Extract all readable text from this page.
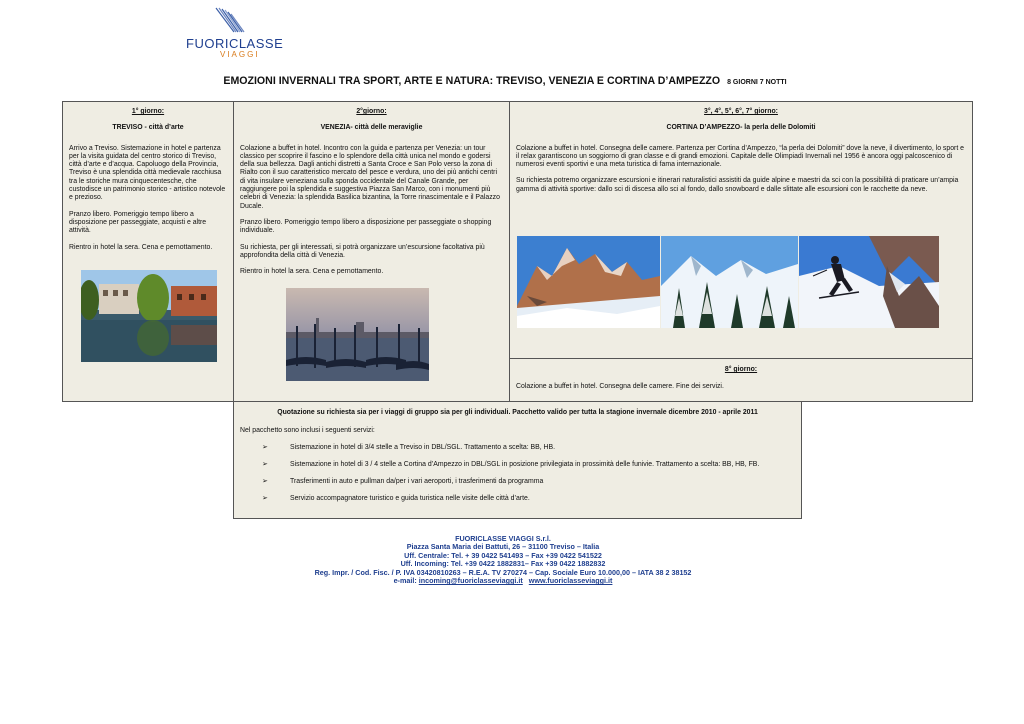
FUORICLASSE
VIAGGI
EMOZIONI INVERNALI TRA SPORT, ARTE E NATURA: TREVISO, VENEZIA E CORTINA D’AMPEZZO 8 GIORNI 7 NOTTI
1° giorno:
TREVISO - città d’arte

Arrivo a Treviso. Sistemazione in hotel e partenza per la visita guidata del centro storico di Treviso, città d’arte e d’acqua. Capoluogo della Provincia, Treviso è una splendida città medievale racchiusa tra le storiche mura cinquecentesche, che custodisce un patrimonio storico - artistico notevole e prezioso.

Pranzo libero. Pomeriggio tempo libero a disposizione per passeggiate, acquisti e altre attività.

Rientro in hotel la sera. Cena e pernottamento.

2°giorno:
VENEZIA- città delle meraviglie

Colazione a buffet in hotel. Incontro con la guida e partenza per Venezia: un tour classico per scoprire il fascino e lo splendore della città unica nel mondo e godersi della sua bellezza. Dagli antichi distretti a Santa Croce e San Polo verso la zona di Rialto con il suo caratteristico mercato del pesce e verdura, uno dei più antichi centri di vita insulare veneziana sulla sponda occidentale del Canale Grande, per raggiungere poi la splendida e suggestiva Piazza San Marco, con i monumenti più celebri di Venezia: la splendida Basilica bizantina, la Torre rinascimentale e il Palazzo Ducale.

Pranzo libero. Pomeriggio tempo libero a disposizione per passeggiate o shopping individuale.

Su richiesta, per gli interessati, si potrà organizzare un’escursione facoltativa più approfondita della città di Venezia.

Rientro in hotel la sera. Cena e pernottamento.

3°, 4°, 5°, 6°, 7° giorno:
CORTINA D’AMPEZZO- la perla delle Dolomiti

Colazione a buffet in hotel. Consegna delle camere. Partenza per Cortina d’Ampezzo, “la perla dei Dolomiti” dove la neve, il divertimento, lo sport e il relax garantiscono un soggiorno di gran classe e di grandi emozioni. Capitale delle Olimpiadi Invernali nel 1956 è ancora oggi palcoscenico di numerosi eventi sportivi e una meta turistica di fama internazionale.

Su richiesta potremo organizzare escursioni e itinerari naturalistici assistiti da guide alpine e maestri da sci con la possibilità di praticare un’ampia gamma di attività sportive: dallo sci di discesa allo sci al fondo, dallo snowboard e dalle slittate alle escursioni con le racchette da neve.

8° giorno:
Colazione a buffet in hotel. Consegna delle camere. Fine dei servizi.
Quotazione su richiesta sia per i viaggi di gruppo sia per gli individuali. Pacchetto valido per tutta la stagione invernale dicembre 2010 - aprile 2011
Nel pacchetto sono inclusi i seguenti servizi:
➢	Sistemazione in hotel di 3/4 stelle a Treviso in DBL/SGL. Trattamento a scelta: BB, HB.
➢	Sistemazione in hotel di 3 / 4 stelle a Cortina d’Ampezzo in DBL/SGL in posizione privilegiata in prossimità delle funivie. Trattamento a scelta: BB, HB, FB.
➢	Trasferimenti in auto e pullman da/per i vari aeroporti, i trasferimenti da programma
➢	Servizio accompagnatore turistico e guida turistica nelle visite delle città d’arte.
FUORICLASSE VIAGGI S.r.l.
Piazza Santa Maria dei Battuti, 26 – 31100 Treviso – Italia
Uff. Centrale: Tel. + 39 0422 541493 – Fax +39 0422 541522
Uff. Incoming: Tel. +39 0422 1882831– Fax +39 0422 1882832
Reg. Impr. / Cod. Fisc. / P. IVA 03420810263 – R.E.A. TV 270274 – Cap. Sociale Euro 10.000,00 – IATA 38 2 38152
e-mail: incoming@fuoriclasseviaggi.it www.fuoriclasseviaggi.it
